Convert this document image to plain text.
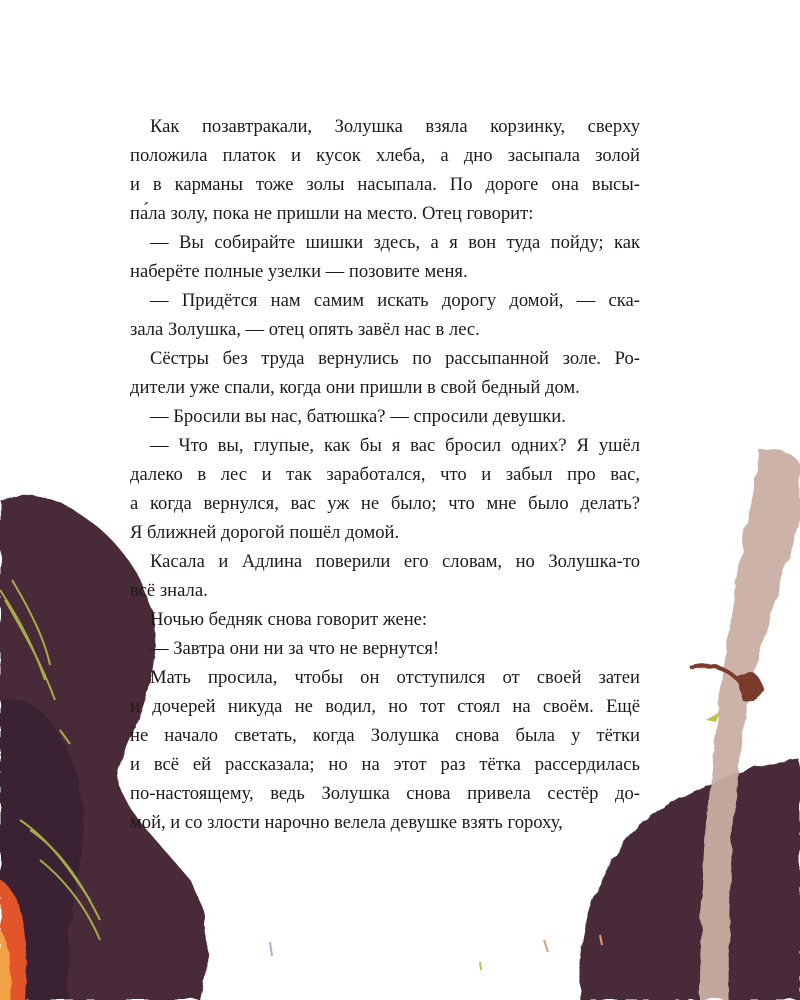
Как позавтракали, Золушка взяла корзинку, сверху
положила платок и кусок хлеба, а дно засыпала золой
и в карманы тоже золы насыпала. По дороге она высы-
па́ла золу, пока не пришли на место. Отец говорит:

— Вы собирайте шишки здесь, а я вон туда пойду; как
наберёте полные узелки — позовите меня.

— Придётся нам самим искать дорогу домой, — ска-
зала Золушка, — отец опять завёл нас в лес.

Сёстры без труда вернулись по рассыпанной золе. Ро-
дители уже спали, когда они пришли в свой бедный дом.

— Бросили вы нас, батюшка? — спросили девушки.

— Что вы, глупые, как бы я вас бросил одних? Я ушёл
далеко в лес и так заработался, что и забыл про вас,
а когда вернулся, вас уж не было; что мне было делать?
Я ближней дорогой пошёл домой.

Касала и Адлина поверили его словам, но Золушка-то
всё знала.

Ночью бедняк снова говорит жене:

— Завтра они ни за что не вернутся!

Мать просила, чтобы он отступился от своей затеи
и дочерей никуда не водил, но тот стоял на своём. Ещё
не начало светать, когда Золушка снова была у тётки
и всё ей рассказала; но на этот раз тётка рассердилась
по-настоящему, ведь Золушка снова привела сестёр до-
мой, и со злости нарочно велела девушке взять гороху,
